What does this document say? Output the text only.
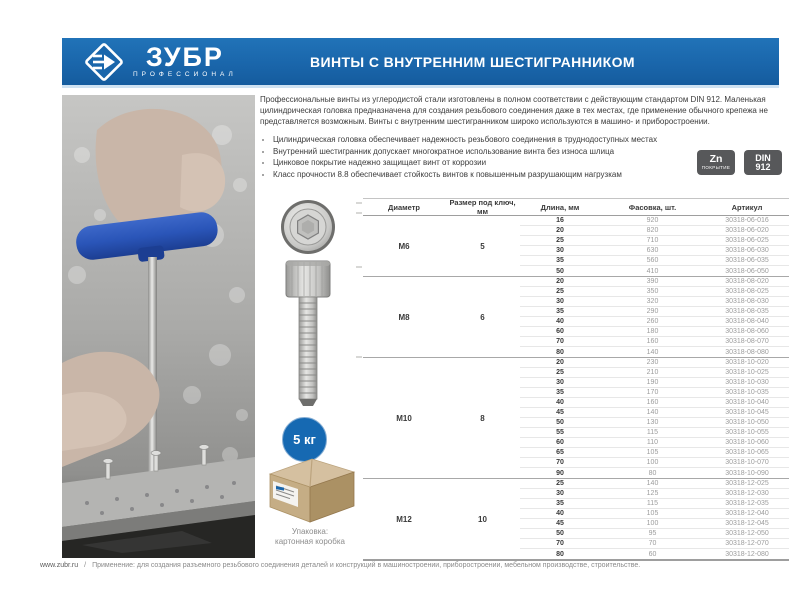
ЗУБР
ПРОФЕССИОНАЛ
ВИНТЫ С ВНУТРЕННИМ ШЕСТИГРАННИКОМ
5 кг
Упаковка:
картонная коробка

Профессиональные винты из углеродистой стали изготовлены в полном соответствии с действующим стандартом DIN 912. Маленькая цилиндрическая головка предназначена для создания резьбового соединения даже в тех местах, где применение обычного крепежа не представляется возможным. Винты с внутренним шестигранником широко используются в машино- и приборостроении.

• Цилиндрическая головка обеспечивает надежность резьбового соединения в труднодоступных местах
• Внутренний шестигранник допускает многократное использование винта без износа шлица
• Цинковое покрытие надежно защищает винт от коррозии
• Класс прочности 8.8 обеспечивает стойкость винтов к повышенным разрушающим нагрузкам
Zn
ПОКРЫТИЕ
DIN
912
Диаметр	Размер под ключ, мм	Длина, мм	Фасовка, шт.	Артикул
М6	5
16	920	30318-06-016
20	820	30318-06-020
25	710	30318-06-025
30	630	30318-06-030
35	560	30318-06-035
50	410	30318-06-050
М8	6
20	390	30318-08-020
25	350	30318-08-025
30	320	30318-08-030
35	290	30318-08-035
40	260	30318-08-040
60	180	30318-08-060
70	160	30318-08-070
80	140	30318-08-080
М10	8
20	230	30318-10-020
25	210	30318-10-025
30	190	30318-10-030
35	170	30318-10-035
40	160	30318-10-040
45	140	30318-10-045
50	130	30318-10-050
55	115	30318-10-055
60	110	30318-10-060
65	105	30318-10-065
70	100	30318-10-070
90	80	30318-10-090
М12	10
25	140	30318-12-025
30	125	30318-12-030
35	115	30318-12-035
40	105	30318-12-040
45	100	30318-12-045
50	95	30318-12-050
70	70	30318-12-070
80	60	30318-12-080
www.zubr.ru / Применение: для создания разъемного резьбового соединения деталей и конструкций в машиностроении, приборостроении, мебельном производстве, строительстве.
